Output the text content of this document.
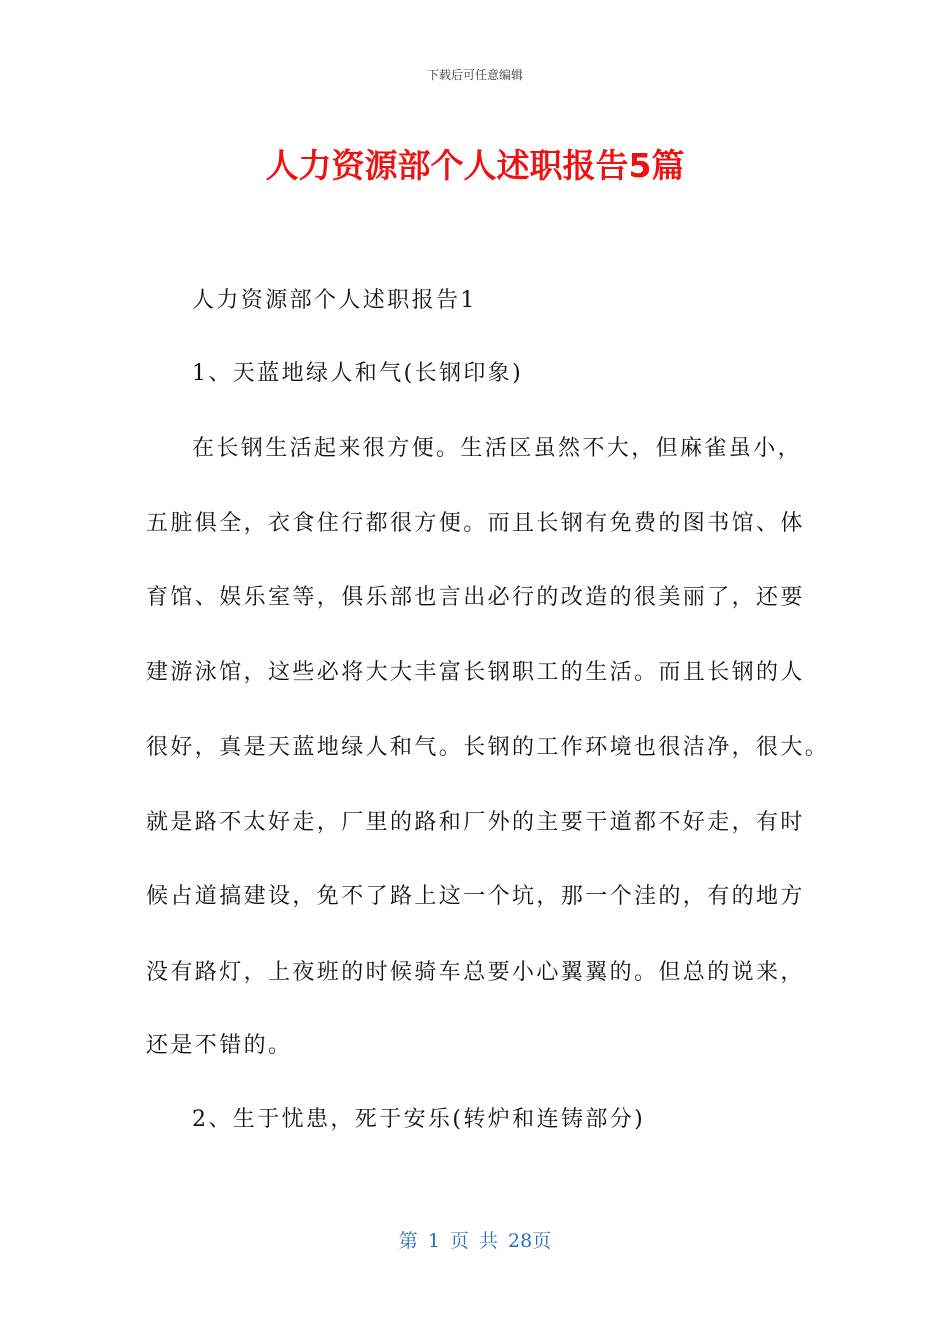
下载后可任意编辑
人力资源部个人述职报告5篇
人力资源部个人述职报告1
1、天蓝地绿人和气(长钢印象)
在长钢生活起来很方便。生活区虽然不大，但麻雀虽小，
五脏俱全，衣食住行都很方便。而且长钢有免费的图书馆、体
育馆、娱乐室等，俱乐部也言出必行的改造的很美丽了，还要
建游泳馆，这些必将大大丰富长钢职工的生活。而且长钢的人
很好，真是天蓝地绿人和气。长钢的工作环境也很洁净，很大。
就是路不太好走，厂里的路和厂外的主要干道都不好走，有时
候占道搞建设，免不了路上这一个坑，那一个洼的，有的地方
没有路灯，上夜班的时候骑车总要小心翼翼的。但总的说来，
还是不错的。
2、生于忧患，死于安乐(转炉和连铸部分)
第 1 页 共 28页
